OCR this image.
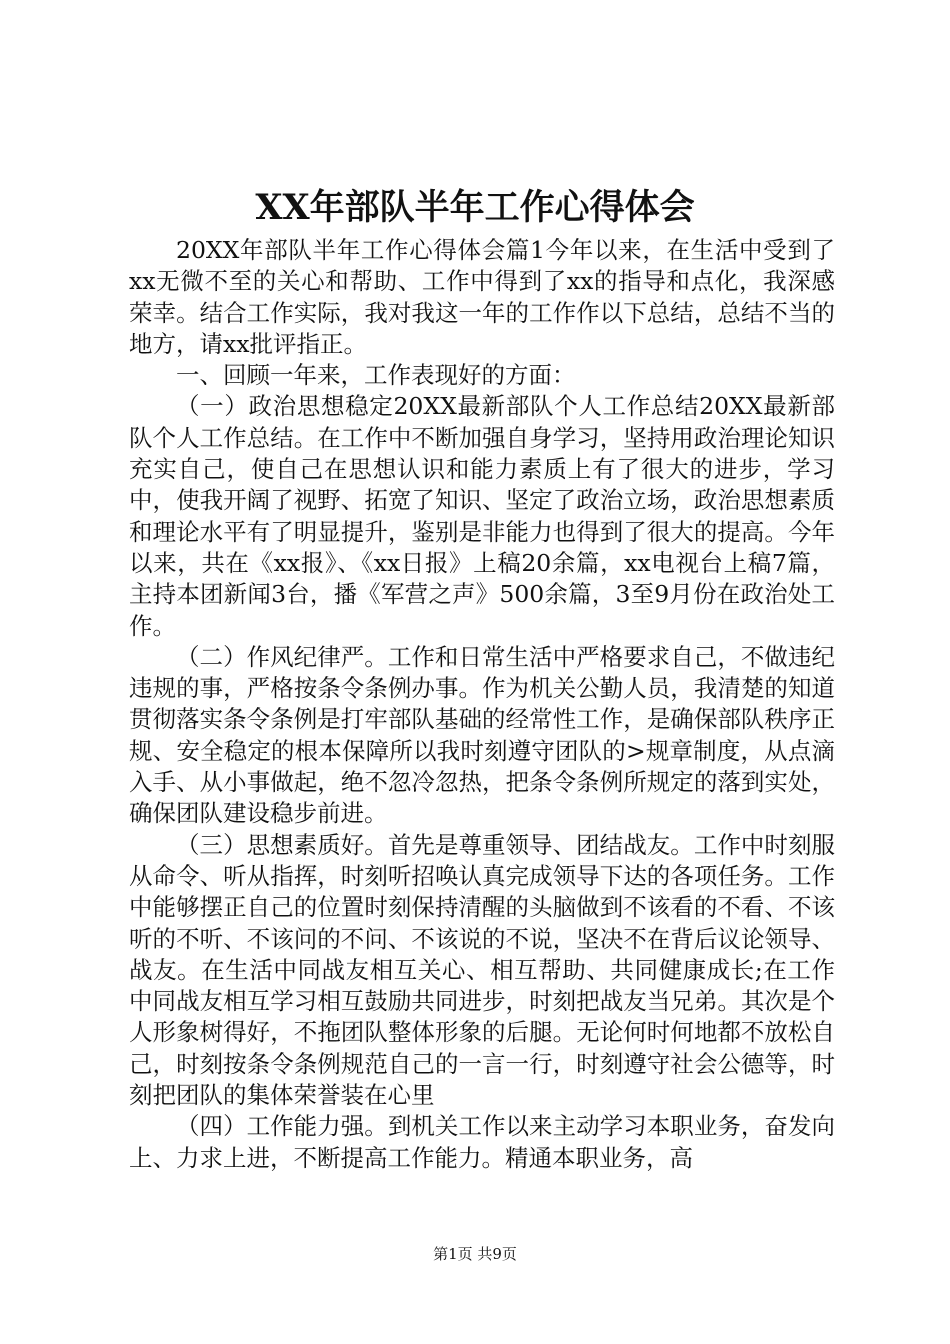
XX年部队半年工作心得体会

20XX年部队半年工作心得体会篇1今年以来，在生活中受到了xx无微不至的关心和帮助、工作中得到了xx的指导和点化，我深感荣幸。结合工作实际，我对我这一年的工作作以下总结，总结不当的地方，请xx批评指正。

一、回顾一年来，工作表现好的方面：

（一）政治思想稳定20XX最新部队个人工作总结20XX最新部队个人工作总结。在工作中不断加强自身学习，坚持用政治理论知识充实自己，使自己在思想认识和能力素质上有了很大的进步，学习中，使我开阔了视野、拓宽了知识、坚定了政治立场，政治思想素质和理论水平有了明显提升，鉴别是非能力也得到了很大的提高。今年以来，共在《xx报》、《xx日报》上稿20余篇，xx电视台上稿7篇，主持本团新闻3台，播《军营之声》500余篇，3至9月份在政治处工作。

（二）作风纪律严。工作和日常生活中严格要求自己，不做违纪违规的事，严格按条令条例办事。作为机关公勤人员，我清楚的知道贯彻落实条令条例是打牢部队基础的经常性工作，是确保部队秩序正规、安全稳定的根本保障所以我时刻遵守团队的>规章制度，从点滴入手、从小事做起，绝不忽冷忽热，把条令条例所规定的落到实处，确保团队建设稳步前进。

（三）思想素质好。首先是尊重领导、团结战友。工作中时刻服从命令、听从指挥，时刻听招唤认真完成领导下达的各项任务。工作中能够摆正自己的位置时刻保持清醒的头脑做到不该看的不看、不该听的不听、不该问的不问、不该说的不说，坚决不在背后议论领导、战友。在生活中同战友相互关心、相互帮助、共同健康成长;在工作中同战友相互学习相互鼓励共同进步，时刻把战友当兄弟。其次是个人形象树得好，不拖团队整体形象的后腿。无论何时何地都不放松自己，时刻按条令条例规范自己的一言一行，时刻遵守社会公德等，时刻把团队的集体荣誉装在心里

（四）工作能力强。到机关工作以来主动学习本职业务，奋发向上、力求上进，不断提高工作能力。精通本职业务，高

第1页 共9页
